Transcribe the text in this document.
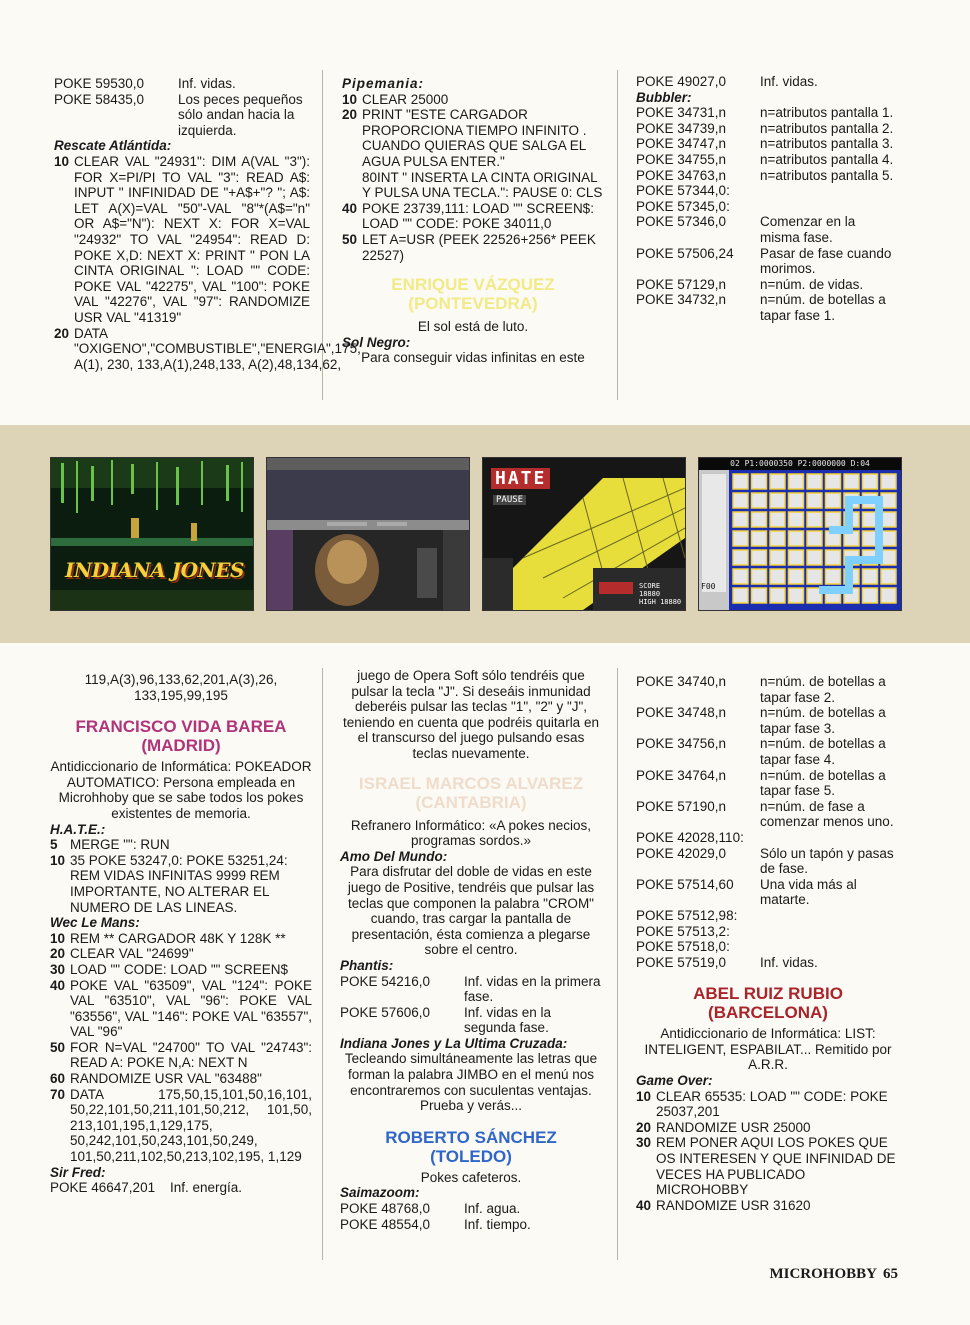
POKE 59530,0	Inf. vidas.
POKE 58435,0	Los peces pequeños sólo andan hacia la izquierda.
Rescate Atlántida:
10 CLEAR VAL "24931": DIM A(VAL "3"): FOR X=PI/PI TO VAL "3": READ A$: INPUT " INFINIDAD DE "+A$+"? "; A$: LET A(X)=VAL "50"-VAL "8"*(A$="n" OR A$="N"): NEXT X: FOR X=VAL "24932" TO VAL "24954": READ D: POKE X,D: NEXT X: PRINT " PON LA CINTA ORIGINAL ": LOAD "" CODE: POKE VAL "42275", VAL "100": POKE VAL "42276", VAL "97": RANDOMIZE USR VAL "41319"
20 DATA "OXIGENO","COMBUSTIBLE","ENERGIA",175, A(1), 230, 133,A(1),248,133, A(2),48,134,62,
Pipemania:
10 CLEAR 25000
20 PRINT "ESTE CARGADOR PROPORCIONA TIEMPO INFINITO . CUANDO QUIERAS QUE SALGA EL AGUA PULSA ENTER."
80INT " INSERTA LA CINTA ORIGINAL Y PULSA UNA TECLA.": PAUSE 0: CLS
40 POKE 23739,111: LOAD "" SCREEN$: LOAD "" CODE: POKE 34011,0
50 LET A=USR (PEEK 22526+256* PEEK 22527)
ENRIQUE VÁZQUEZ
(PONTEVEDRA)
El sol está de luto.
Sol Negro:
Para conseguir vidas infinitas en este
POKE 49027,0	Inf. vidas.
Bubbler:
POKE 34731,n	n=atributos pantalla 1.
POKE 34739,n	n=atributos pantalla 2.
POKE 34747,n	n=atributos pantalla 3.
POKE 34755,n	n=atributos pantalla 4.
POKE 34763,n	n=atributos pantalla 5.
POKE 57344,0:
POKE 57345,0:
POKE 57346,0	Comenzar en la misma fase.
POKE 57506,24	Pasar de fase cuando morimos.
POKE 57129,n	n=núm. de vidas.
POKE 34732,n	n=núm. de botellas a tapar fase 1.
INDIANA JONES
HATE
PAUSE
SCORE 18880
HIGH 18880
02 P1:0000350 P2:0000000 D:04
F00
119,A(3),96,133,62,201,A(3),26, 133,195,99,195
FRANCISCO VIDA BAREA
(MADRID)
Antidiccionario de Informática: POKEADOR AUTOMATICO: Persona empleada en Microhhoby que se sabe todos los pokes existentes de memoria.
H.A.T.E.:
5 MERGE "": RUN
10 35 POKE 53247,0: POKE 53251,24: REM VIDAS INFINITAS 9999 REM IMPORTANTE, NO ALTERAR EL NUMERO DE LAS LINEAS.
Wec Le Mans:
10 REM ** CARGADOR 48K Y 128K **
20 CLEAR VAL "24699"
30 LOAD "" CODE: LOAD "" SCREEN$
40 POKE VAL "63509", VAL "124": POKE VAL "63510", VAL "96": POKE VAL "63556", VAL "146": POKE VAL "63557", VAL "96"
50 FOR N=VAL "24700" TO VAL "24743": READ A: POKE N,A: NEXT N
60 RANDOMIZE USR VAL "63488"
70 DATA 175,50,15,101,50,16,101, 50,22,101,50,211,101,50,212, 101,50, 213,101,195,1,129,175, 50,242,101,50,243,101,50,249, 101,50,211,102,50,213,102,195, 1,129
Sir Fred:
POKE 46647,201	Inf. energía.
juego de Opera Soft sólo tendréis que pulsar la tecla "J". Si deseáis inmunidad deberéis pulsar las teclas "1", "2" y "J", teniendo en cuenta que podréis quitarla en el transcurso del juego pulsando esas teclas nuevamente.
ISRAEL MARCOS ALVAREZ
(CANTABRIA)
Refranero Informático: «A pokes necios, programas sordos.»
Amo Del Mundo:
Para disfrutar del doble de vidas en este juego de Positive, tendréis que pulsar las teclas que componen la palabra "CROM" cuando, tras cargar la pantalla de presentación, ésta comienza a plegarse sobre el centro.
Phantis:
POKE 54216,0	Inf. vidas en la primera fase.
POKE 57606,0	Inf. vidas en la segunda fase.
Indiana Jones y La Ultima Cruzada:
Tecleando simultáneamente las letras que forman la palabra JIMBO en el menú nos encontraremos con suculentas ventajas. Prueba y verás...
ROBERTO SÁNCHEZ
(TOLEDO)
Pokes cafeteros.
Saimazoom:
POKE 48768,0	Inf. agua.
POKE 48554,0	Inf. tiempo.
POKE 34740,n	n=núm. de botellas a tapar fase 2.
POKE 34748,n	n=núm. de botellas a tapar fase 3.
POKE 34756,n	n=núm. de botellas a tapar fase 4.
POKE 34764,n	n=núm. de botellas a tapar fase 5.
POKE 57190,n	n=núm. de fase a comenzar menos uno.
POKE 42028,110:
POKE 42029,0	Sólo un tapón y pasas de fase.
POKE 57514,60	Una vida más al matarte.
POKE 57512,98:
POKE 57513,2:
POKE 57518,0:
POKE 57519,0	Inf. vidas.
ABEL RUIZ RUBIO
(BARCELONA)
Antidiccionario de Informática: LIST: INTELIGENT, ESPABILAT... Remitido por A.R.R.
Game Over:
10 CLEAR 65535: LOAD "" CODE: POKE 25037,201
20 RANDOMIZE USR 25000
30 REM PONER AQUI LOS POKES QUE OS INTERESEN Y QUE INFINIDAD DE VECES HA PUBLICADO MICROHOBBY
40 RANDOMIZE USR 31620
MICROHOBBY 65
